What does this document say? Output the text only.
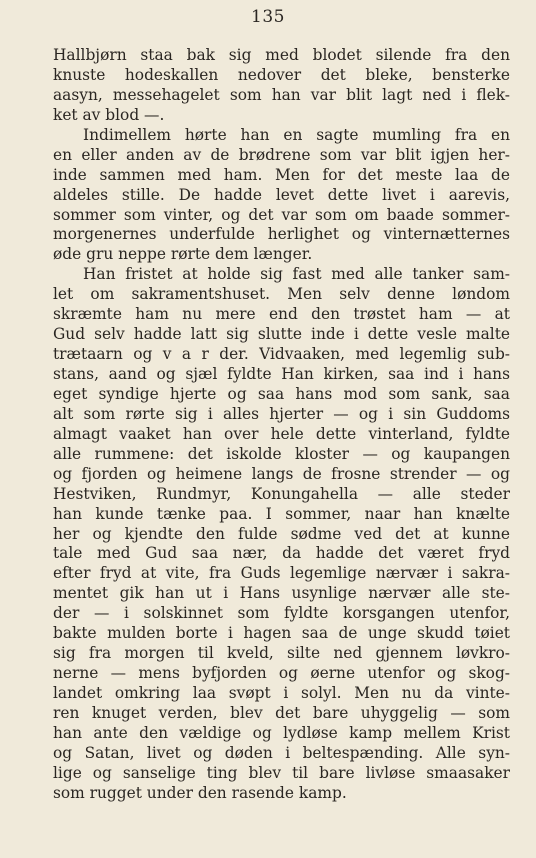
135
Hallbjørn staa bak sig med blodet silende fra den
knuste hodeskallen nedover det bleke, bensterke
aasyn, messehagelet som han var blit lagt ned i flek-
ket av blod —.
Indimellem hørte han en sagte mumling fra en
en eller anden av de brødrene som var blit igjen her-
inde sammen med ham. Men for det meste laa de
aldeles stille. De hadde levet dette livet i aarevis,
sommer som vinter, og det var som om baade sommer-
morgenernes underfulde herlighet og vinternætternes
øde gru neppe rørte dem længer.
Han fristet at holde sig fast med alle tanker sam-
let om sakramentshuset. Men selv denne løndom
skræmte ham nu mere end den trøstet ham — at
Gud selv hadde latt sig slutte inde i dette vesle malte
trætaarn og v a r der. Vidvaaken, med legemlig sub-
stans, aand og sjæl fyldte Han kirken, saa ind i hans
eget syndige hjerte og saa hans mod som sank, saa
alt som rørte sig i alles hjerter — og i sin Guddoms
almagt vaaket han over hele dette vinterland, fyldte
alle rummene: det iskolde kloster — og kaupangen
og fjorden og heimene langs de frosne strender — og
Hestviken, Rundmyr, Konungahella — alle steder
han kunde tænke paa. I sommer, naar han knælte
her og kjendte den fulde sødme ved det at kunne
tale med Gud saa nær, da hadde det været fryd
efter fryd at vite, fra Guds legemlige nærvær i sakra-
mentet gik han ut i Hans usynlige nærvær alle ste-
der — i solskinnet som fyldte korsgangen utenfor,
bakte mulden borte i hagen saa de unge skudd tøiet
sig fra morgen til kveld, silte ned gjennem løvkro-
nerne — mens byfjorden og øerne utenfor og skog-
landet omkring laa svøpt i solyl. Men nu da vinte-
ren knuget verden, blev det bare uhyggelig — som
han ante den vældige og lydløse kamp mellem Krist
og Satan, livet og døden i beltespænding. Alle syn-
lige og sanselige ting blev til bare livløse smaasaker
som rugget under den rasende kamp.
